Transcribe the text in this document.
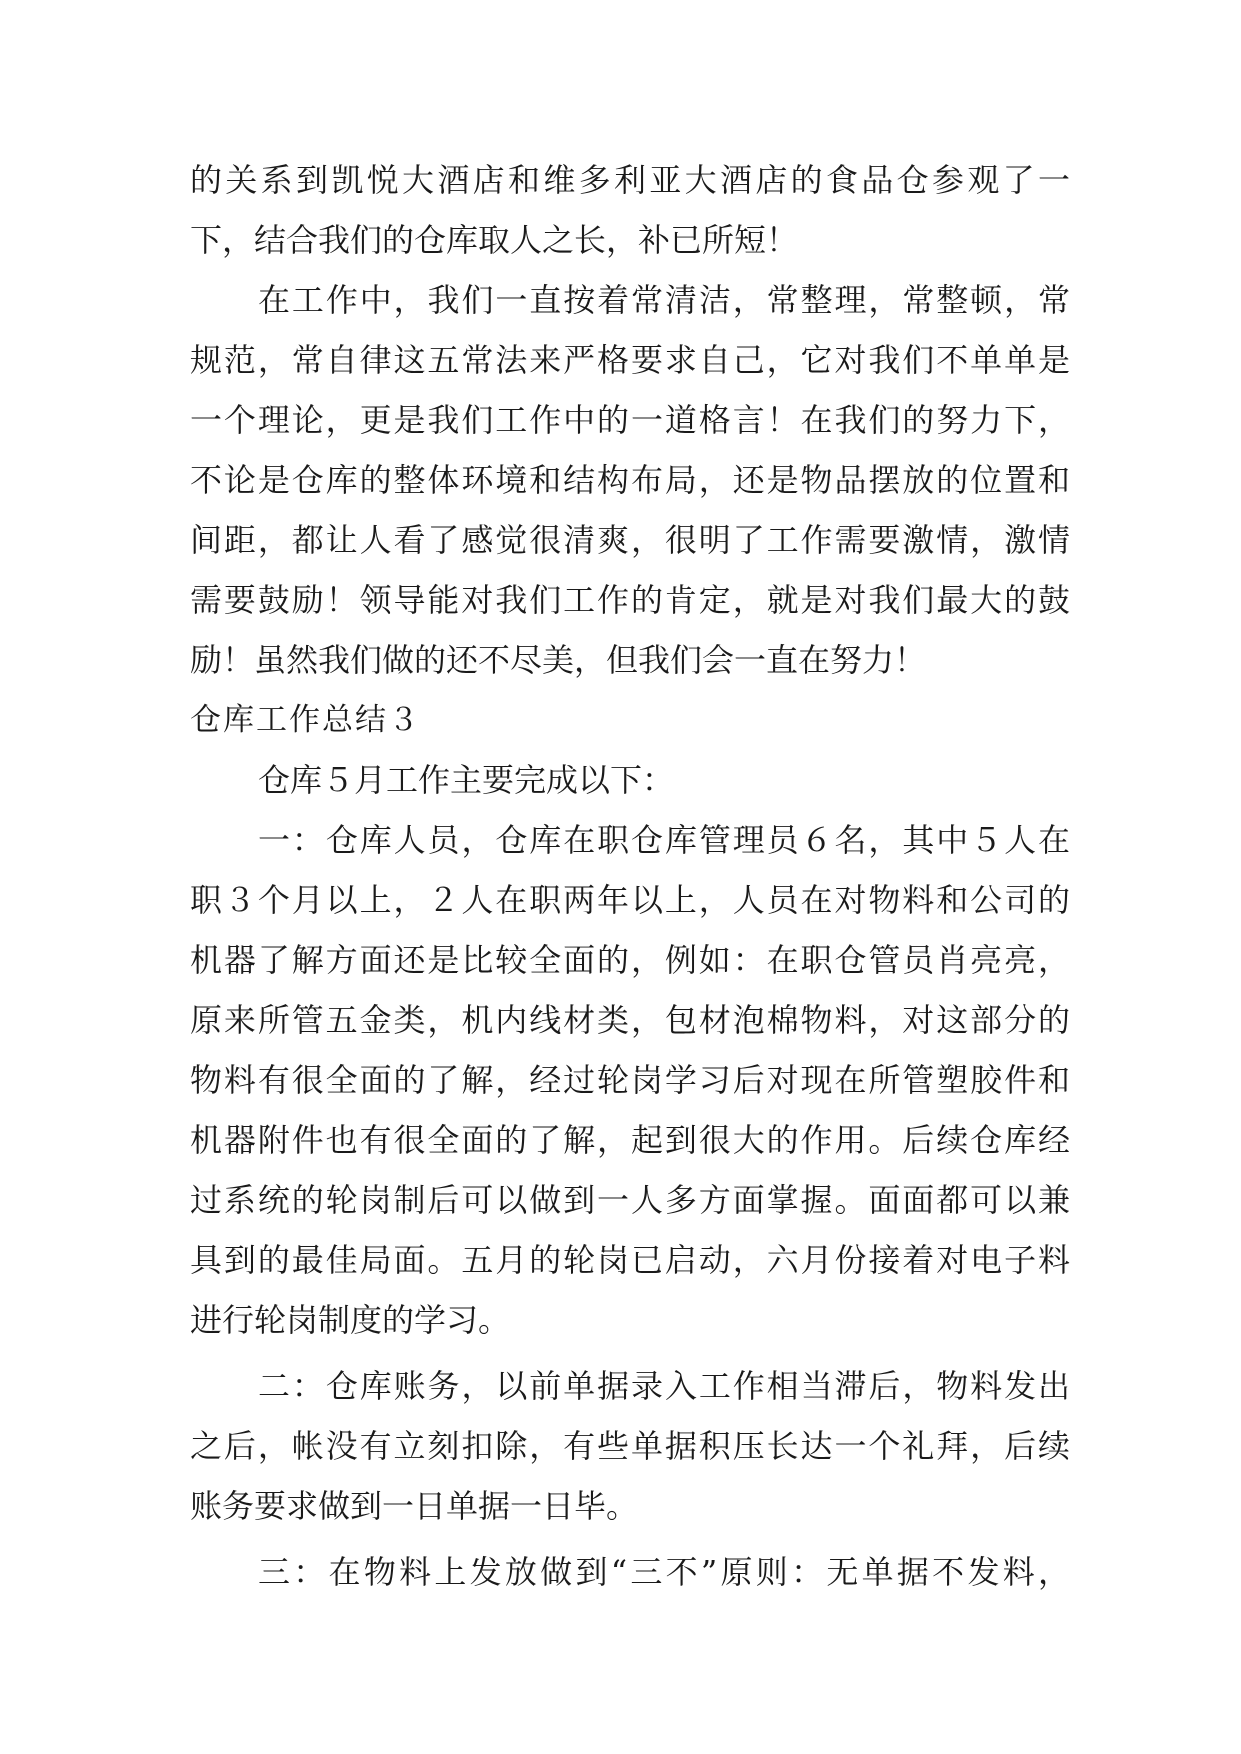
的关系到凯悦大酒店和维多利亚大酒店的食品仓参观了一
下，结合我们的仓库取人之长，补已所短！
在工作中，我们一直按着常清洁，常整理，常整顿，常
规范，常自律这五常法来严格要求自己，它对我们不单单是
一个理论，更是我们工作中的一道格言！在我们的努力下，
不论是仓库的整体环境和结构布局，还是物品摆放的位置和
间距，都让人看了感觉很清爽，很明了工作需要激情，激情
需要鼓励！领导能对我们工作的肯定，就是对我们最大的鼓
励！虽然我们做的还不尽美，但我们会一直在努力！
仓库工作总结３
仓库５月工作主要完成以下：
一：仓库人员，仓库在职仓库管理员６名，其中５人在
职３个月以上，２人在职两年以上，人员在对物料和公司的
机器了解方面还是比较全面的，例如：在职仓管员肖亮亮，
原来所管五金类，机内线材类，包材泡棉物料，对这部分的
物料有很全面的了解，经过轮岗学习后对现在所管塑胶件和
机器附件也有很全面的了解，起到很大的作用。后续仓库经
过系统的轮岗制后可以做到一人多方面掌握。面面都可以兼
具到的最佳局面。五月的轮岗已启动，六月份接着对电子料
进行轮岗制度的学习。
二：仓库账务，以前单据录入工作相当滞后，物料发出
之后，帐没有立刻扣除，有些单据积压长达一个礼拜，后续
账务要求做到一日单据一日毕。
三：在物料上发放做到“三不”原则：无单据不发料，
